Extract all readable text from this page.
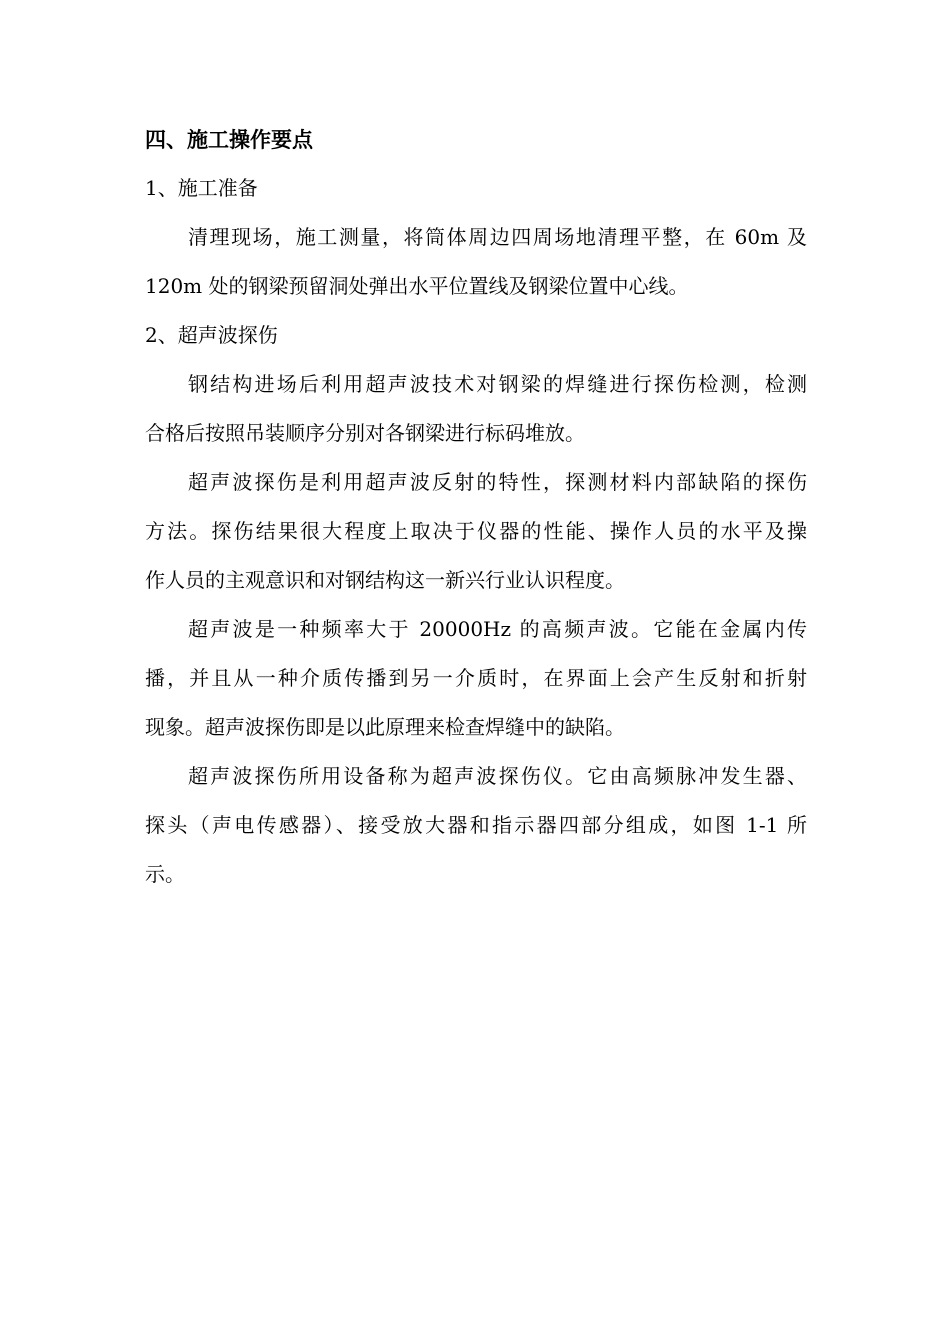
四、施工操作要点

1、施工准备

清理现场，施工测量，将筒体周边四周场地清理平整，在 60m 及
120m 处的钢梁预留洞处弹出水平位置线及钢梁位置中心线。

2、超声波探伤

钢结构进场后利用超声波技术对钢梁的焊缝进行探伤检测，检测
合格后按照吊装顺序分别对各钢梁进行标码堆放。

超声波探伤是利用超声波反射的特性，探测材料内部缺陷的探伤
方法。探伤结果很大程度上取决于仪器的性能、操作人员的水平及操
作人员的主观意识和对钢结构这一新兴行业认识程度。

超声波是一种频率大于 20000Hz 的高频声波。它能在金属内传
播，并且从一种介质传播到另一介质时，在界面上会产生反射和折射
现象。超声波探伤即是以此原理来检查焊缝中的缺陷。

超声波探伤所用设备称为超声波探伤仪。它由高频脉冲发生器、
探头（声电传感器）、接受放大器和指示器四部分组成，如图 1-1 所
示。
